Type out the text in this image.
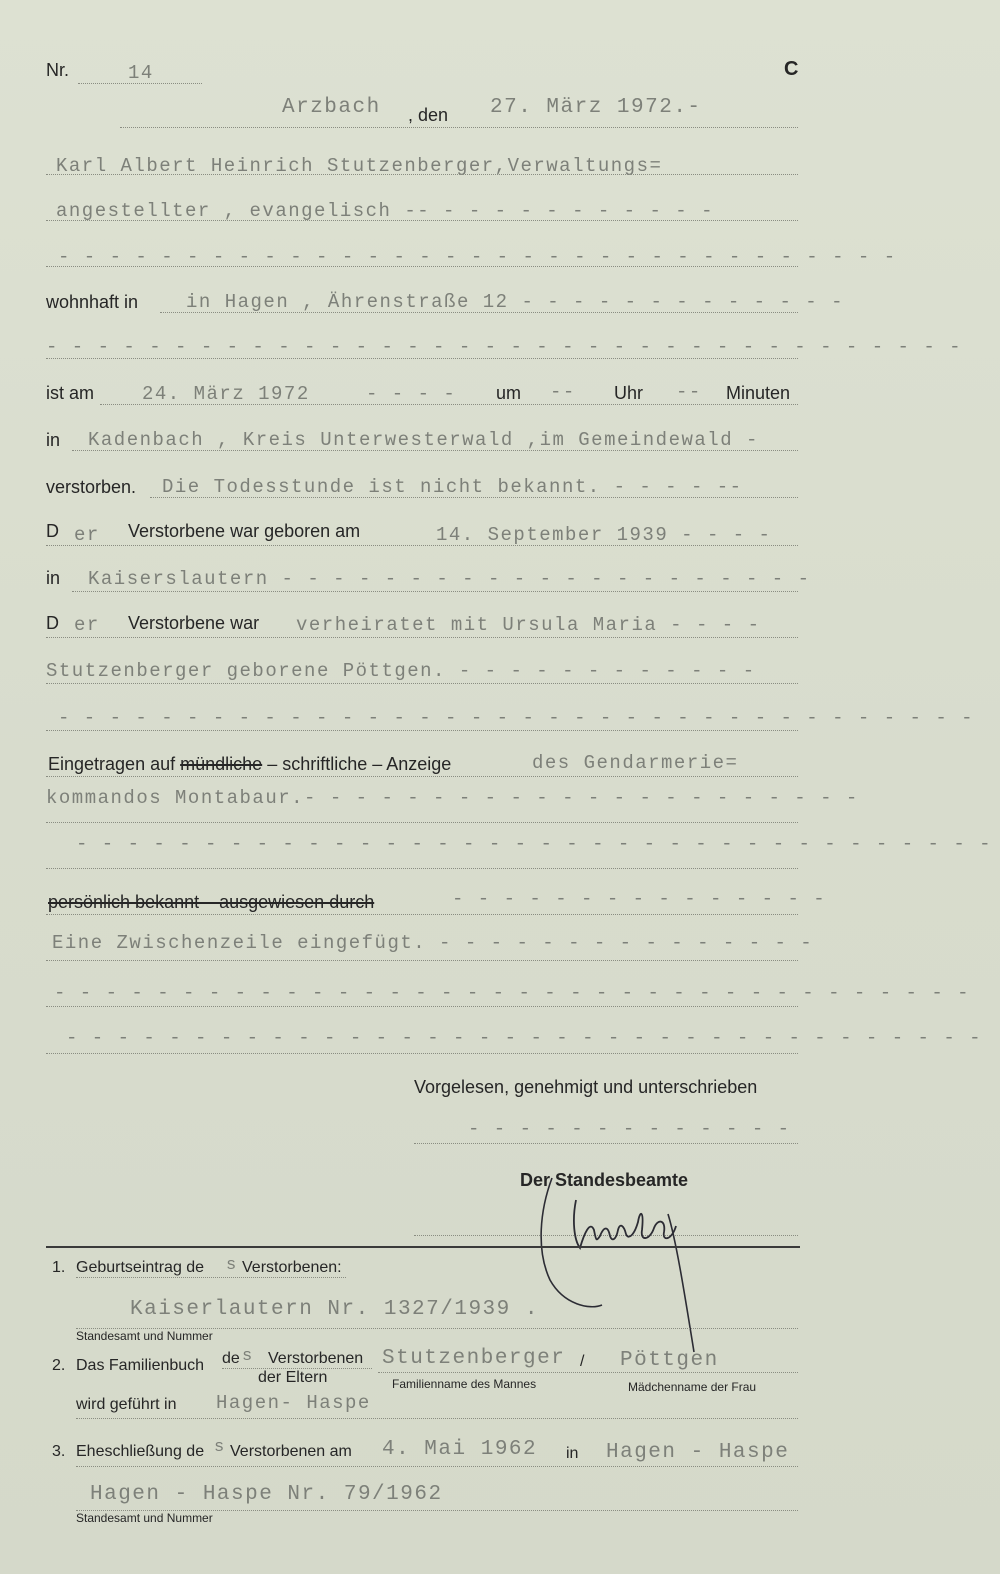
Nr.	14	C
Arzbach , den 27. März 1972.-
Karl Albert Heinrich Stutzenberger,Verwaltungs=
angestellter , evangelisch -- - - - - - - - - - - -
- - - - - - - - - - - - - - - - - - - - - - - - - - - - - - - - -
wohnhaft in	in Hagen , Ährenstraße 12 - - - - - - - - - - - - -
- - - - - - - - - - - - - - - - - - - - - - - - - - - - - - - - - - - -
ist am	24. März 1972	- - - - um -- Uhr -- Minuten
in Kadenbach , Kreis Unterwesterwald ,im Gemeindewald -
verstorben. Die Todesstunde ist nicht bekannt. - - - - --
D er Verstorbene war geboren am	14. September 1939 - - - -
in Kaiserslautern - - - - - - - - - - - - - - - - - - - - -
D er Verstorbene war verheiratet mit Ursula Maria - - - -
Stutzenberger geborene Pöttgen. - - - - - - - - - - - -
- - - - - - - - - - - - - - - - - - - - - - - - - - - - - - - - - - - -
Eingetragen auf mündliche – schriftliche – Anzeige	des Gendarmerie=
kommandos Montabaur.- - - - - - - - - - - - - - - - - - - - - -
- - - - - - - - - - - - - - - - - - - - - - - - - - - - - - - - - - - -
persönlich bekannt – ausgewiesen durch	- - - - - - - - - - - - - - -
Eine Zwischenzeile eingefügt. - - - - - - - - - - - - - - -
- - - - - - - - - - - - - - - - - - - - - - - - - - - - - - - - - - - -
- - - - - - - - - - - - - - - - - - - - - - - - - - - - - - - - - - - -
Vorgelesen, genehmigt und unterschrieben
- - - - - - - - - - - - -
Der Standesbeamte
1. Geburtseintrag de s Verstorbenen:
Kaiserlautern Nr. 1327/1939 .
Standesamt und Nummer
2. Das Familienbuch de s Verstorbenen
der Eltern
Stutzenberger / Pöttgen
Familienname des Mannes	Mädchenname der Frau
wird geführt in Hagen- Haspe
3. Eheschließung de s Verstorbenen am 4. Mai 1962 in Hagen - Haspe
Hagen - Haspe Nr. 79/1962
Standesamt und Nummer
